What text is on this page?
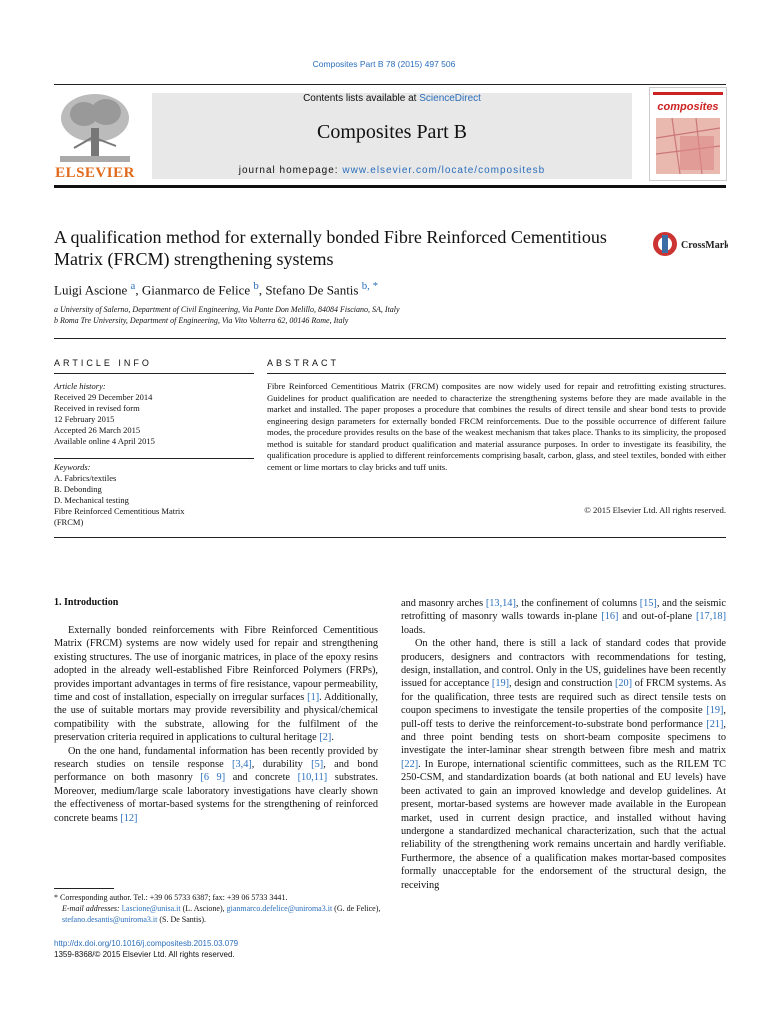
Composites Part B 78 (2015) 497 506
ELSEVIER
Contents lists available at ScienceDirect
Composites Part B
journal homepage: www.elsevier.com/locate/compositesb
composites
A qualification method for externally bonded Fibre Reinforced Cementitious Matrix (FRCM) strengthening systems
CrossMark
Luigi Ascione $^a$, Gianmarco de Felice $^b$, Stefano De Santis $^{b, *}$
a University of Salerno, Department of Civil Engineering, Via Ponte Don Melillo, 84084 Fisciano, SA, Italy
b Roma Tre University, Department of Engineering, Via Vito Volterra 62, 00146 Rome, Italy
ARTICLE INFO	ABSTRACT
Article history:
Received 29 December 2014
Received in revised form
12 February 2015
Accepted 26 March 2015
Available online 4 April 2015
Keywords:
A. Fabrics/textiles
B. Debonding
D. Mechanical testing
Fibre Reinforced Cementitious Matrix
(FRCM)
Fibre Reinforced Cementitious Matrix (FRCM) composites are now widely used for repair and retrofitting existing structures. Guidelines for product qualification are needed to characterize the strengthening systems before they are made available in the market and installed. The paper proposes a procedure that combines the results of direct tensile and shear bond tests to provide engineering design parameters for externally bonded FRCM reinforcements. Due to the possible occurrence of different failure modes, the procedure provides results on the base of the weakest mechanism that takes place. Thanks to its simplicity, the proposed method is suitable for standard product qualification and material assurance purposes. In order to investigate its feasibility, the qualification procedure is applied to different reinforcements comprising basalt, carbon, glass, and steel textiles, bonded with either cement or lime mortars to clay bricks and tuff units.
© 2015 Elsevier Ltd. All rights reserved.
1. Introduction

Externally bonded reinforcements with Fibre Reinforced Cementitious Matrix (FRCM) systems are now widely used for repair and strengthening existing structures. The use of inorganic matrices, in place of the epoxy resins adopted in the already well-established Fibre Reinforced Polymers (FRPs), provides important advantages in terms of fire resistance, vapour permeability, time and cost of installation, especially on irregular surfaces [1]. Additionally, the use of suitable mortars may provide reversibility and physical/chemical compatibility with the substrate, allowing for the fulfilment of the preservation criteria required in applications to cultural heritage [2].

On the one hand, fundamental information has been recently provided by research studies on tensile response [3,4], durability [5], and bond performance on both masonry [6 9] and concrete [10,11] substrates. Moreover, medium/large scale laboratory investigations have clearly shown the effectiveness of mortar-based systems for the strengthening of reinforced concrete beams [12]

and masonry arches [13,14], the confinement of columns [15], and the seismic retrofitting of masonry walls towards in-plane [16] and out-of-plane [17,18] loads.

On the other hand, there is still a lack of standard codes that provide producers, designers and contractors with recommendations for testing, design, installation, and control. Only in the US, guidelines have been recently issued for acceptance [19], design and construction [20] of FRCM systems. As for the qualification, three tests are required such as direct tensile tests on coupon specimens to investigate the tensile properties of the composite [19], pull-off tests to derive the reinforcement-to-substrate bond performance [21], and three point bending tests on short-beam composite specimens to investigate the inter-laminar shear strength between fibre mesh and matrix [22]. In Europe, international scientific committees, such as the RILEM TC 250-CSM, and standardization boards (at both national and EU levels) have been activated to gain an improved knowledge and develop guidelines. At present, mortar-based systems are however made available in the European market, used in current design practice, and installed without having undergone a standardized mechanical characterization, such that the actual reliability of the strengthening work remains uncertain and hardly verifiable. Furthermore, the absence of a qualification makes mortar-based composites formally unacceptable for the endorsement of the structural design, the receiving

* Corresponding author. Tel.: +39 06 5733 6387; fax: +39 06 5733 3441.
E-mail addresses: l.ascione@unisa.it (L. Ascione), gianmarco.defelice@uniroma3.it (G. de Felice), stefano.desantis@uniroma3.it (S. De Santis).
http://dx.doi.org/10.1016/j.compositesb.2015.03.079
1359-8368/© 2015 Elsevier Ltd. All rights reserved.
